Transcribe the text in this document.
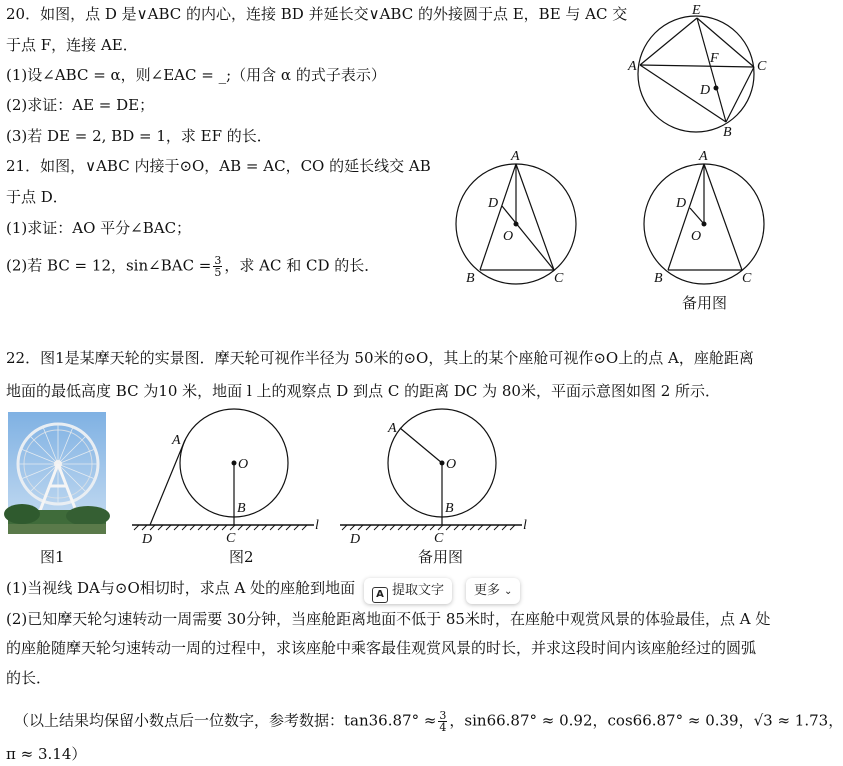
20．如图，点 D 是∨ABC 的内心，连接 BD 并延长交∨ABC 的外接圆于点 E，BE 与 AC 交
于点 F，连接 AE．
(1)设∠ABC = α，则∠EAC = _;（用含 α 的式子表示）
(2)求证：AE = DE；
(3)若 DE = 2, BD = 1，求 EF 的长．
E
A
F
C
D
B
21．如图，∨ABC 内接于⊙O，AB = AC，CO 的延长线交 AB
于点 D．
(1)求证：AO 平分∠BAC；
(2)若 BC = 12，sin∠BAC = $\frac{3}{5}$ ，求 AC 和 CD 的长．
A
D
O
B	C
A
D
O
B	C
备用图
22．图1是某摩天轮的实景图．摩天轮可视作半径为 50米的⊙O，其上的某个座舱可视作⊙O上的点 A，座舱距离
地面的最低高度 BC 为10 米，地面 l 上的观察点 D 到点 C 的距离 DC 为 80米，平面示意图如图 2 所示．
图1
A
O
B
C
D
l
图2
A
O
B
C
D
l
备用图
(1)当视线 DA与⊙O相切时，求点 A 处的座舱到地面	A 提取文字	更多 ⌄
(2)已知摩天轮匀速转动一周需要 30分钟，当座舱距离地面不低于 85米时，在座舱中观赏风景的体验最佳，点 A 处
的座舱随摩天轮匀速转动一周的过程中，求该座舱中乘客最佳观赏风景的时长，并求这段时间内该座舱经过的圆弧
的长．
（以上结果均保留小数点后一位数字，参考数据：$\tan 36.87^\circ \approx \frac{3}{4}$ ，sin66.87° ≈ 0.92，cos66.87° ≈ 0.39，√3 ≈ 1.73，
π ≈ 3.14）
